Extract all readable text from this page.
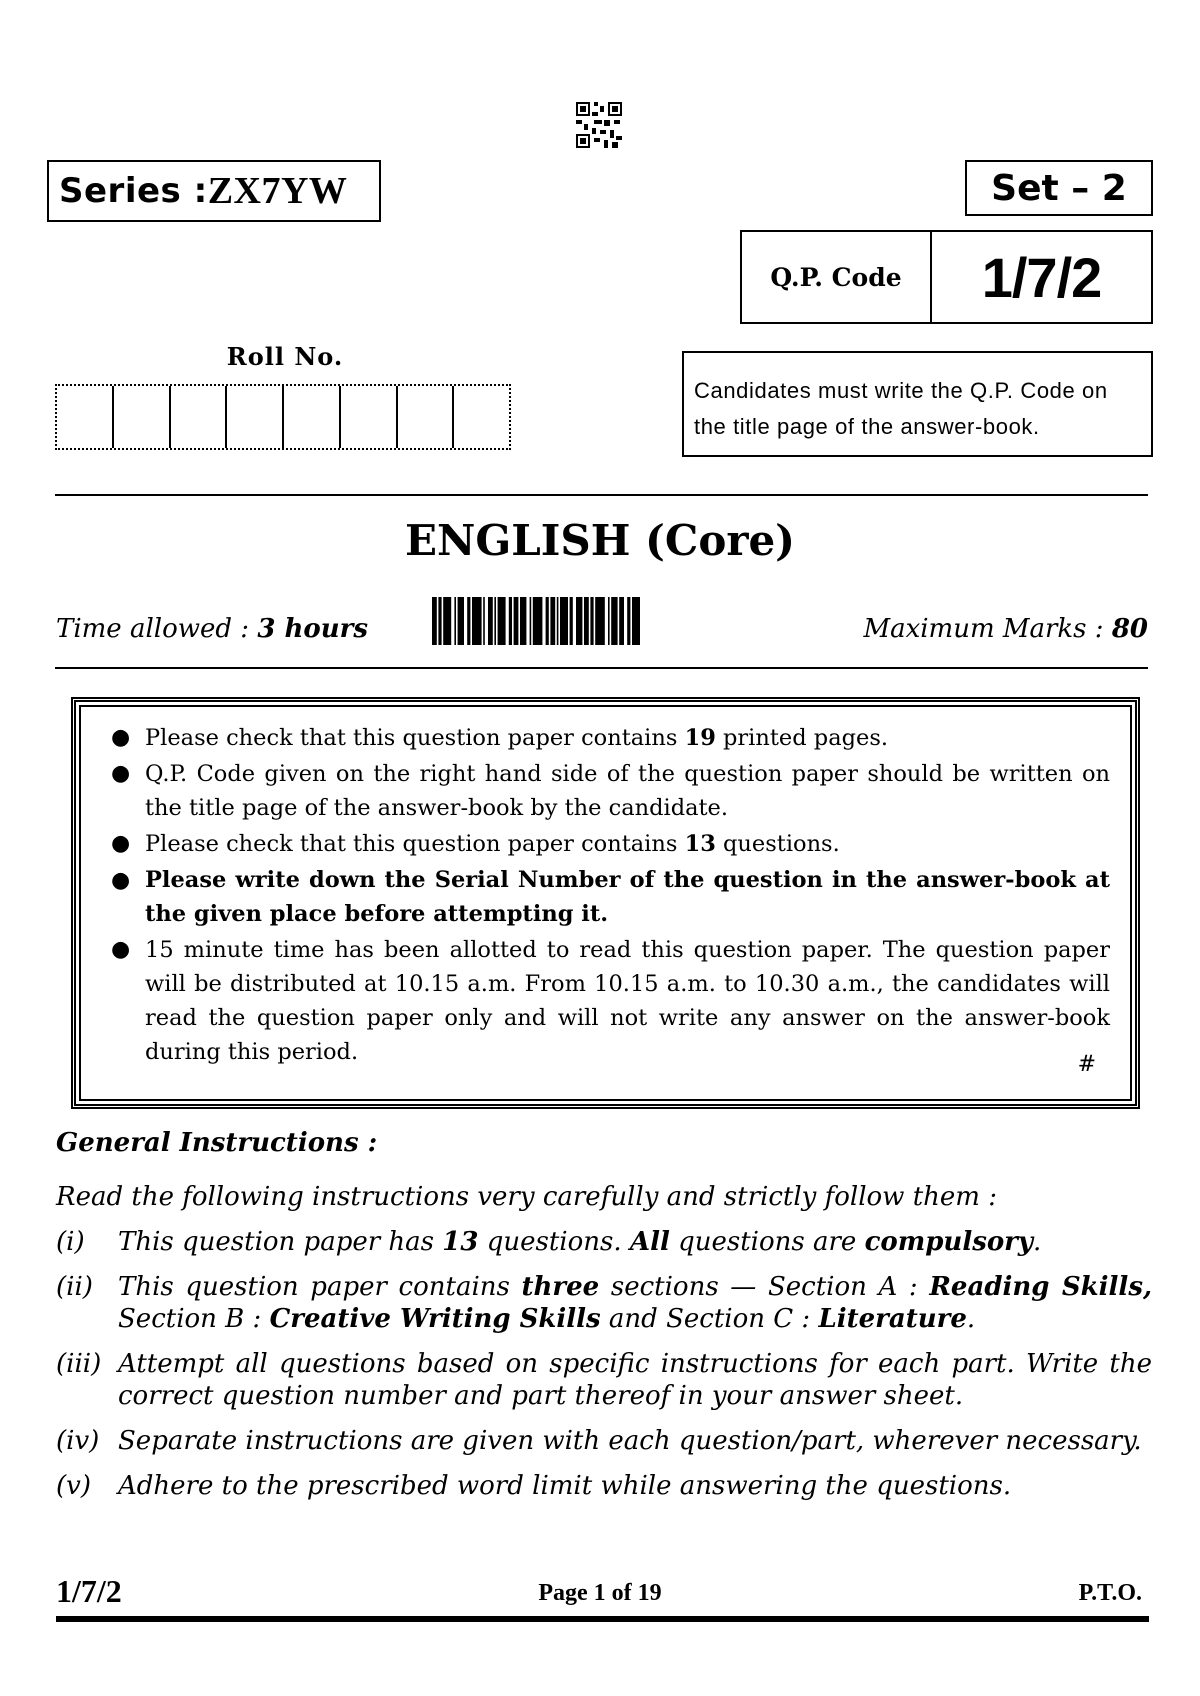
Series : ZX7YW	Set – 2
Q.P. Code	1/7/2
Roll No.
Candidates must write the Q.P. Code on the title page of the answer-book.
ENGLISH (Core)
Time allowed : 3 hours	Maximum Marks : 80
● Please check that this question paper contains 19 printed pages.
● Q.P. Code given on the right hand side of the question paper should be written on the title page of the answer-book by the candidate.
● Please check that this question paper contains 13 questions.
● Please write down the Serial Number of the question in the answer-book at the given place before attempting it.
● 15 minute time has been allotted to read this question paper. The question paper will be distributed at 10.15 a.m. From 10.15 a.m. to 10.30 a.m., the candidates will read the question paper only and will not write any answer on the answer-book during this period.	#
General Instructions :
Read the following instructions very carefully and strictly follow them :
(i) This question paper has 13 questions. All questions are compulsory.
(ii) This question paper contains three sections — Section A : Reading Skills, Section B : Creative Writing Skills and Section C : Literature.
(iii) Attempt all questions based on specific instructions for each part. Write the correct question number and part thereof in your answer sheet.
(iv) Separate instructions are given with each question/part, wherever necessary.
(v) Adhere to the prescribed word limit while answering the questions.
1/7/2	Page 1 of 19	P.T.O.
